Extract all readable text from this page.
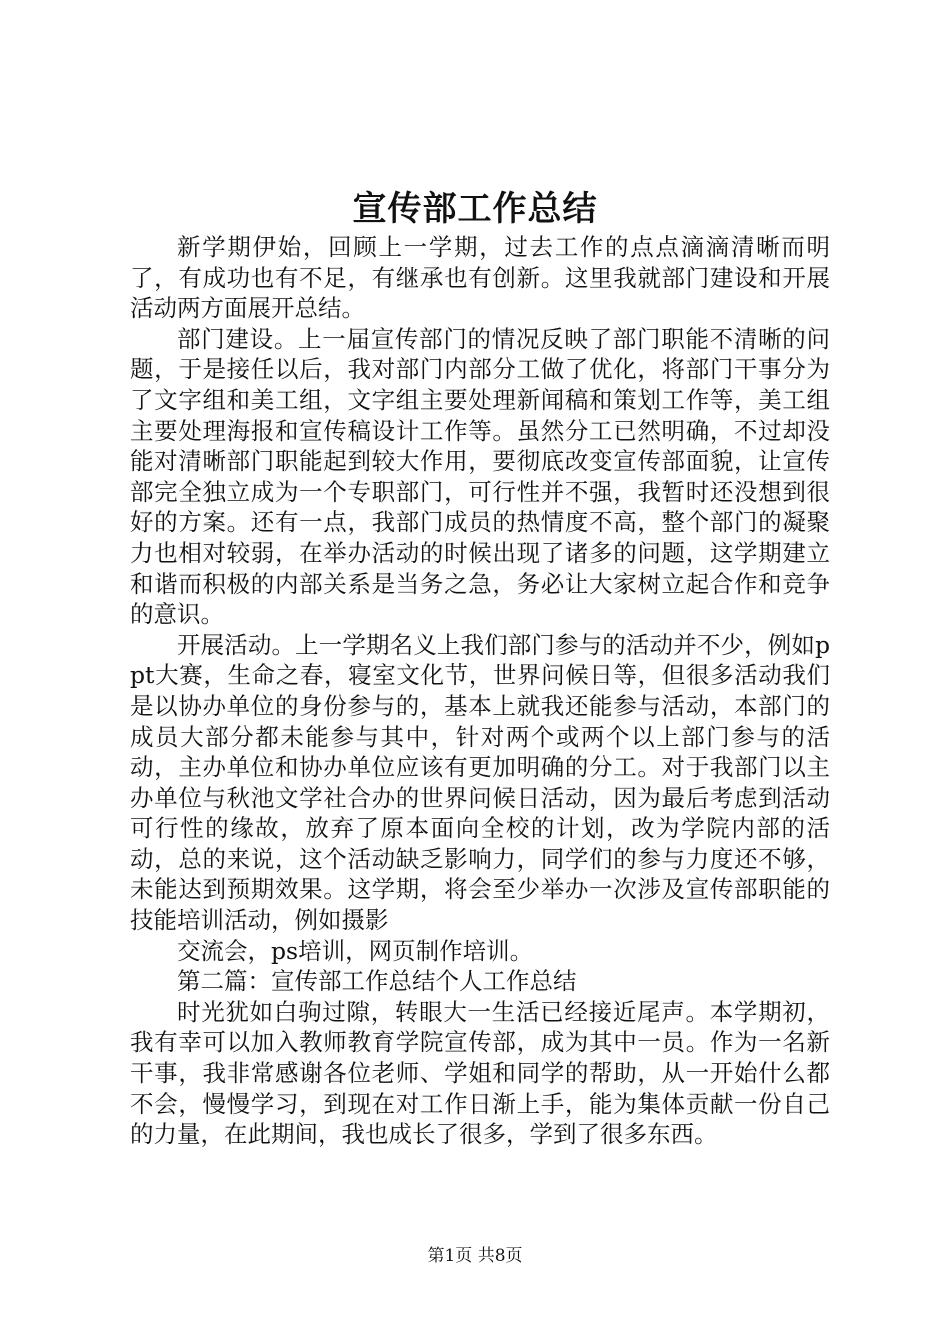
宣传部工作总结

新学期伊始，回顾上一学期，过去工作的点点滴滴清晰而明了，有成功也有不足，有继承也有创新。这里我就部门建设和开展活动两方面展开总结。

部门建设。上一届宣传部门的情况反映了部门职能不清晰的问题，于是接任以后，我对部门内部分工做了优化，将部门干事分为了文字组和美工组，文字组主要处理新闻稿和策划工作等，美工组主要处理海报和宣传稿设计工作等。虽然分工已然明确，不过却没能对清晰部门职能起到较大作用，要彻底改变宣传部面貌，让宣传部完全独立成为一个专职部门，可行性并不强，我暂时还没想到很好的方案。还有一点，我部门成员的热情度不高，整个部门的凝聚力也相对较弱，在举办活动的时候出现了诸多的问题，这学期建立和谐而积极的内部关系是当务之急，务必让大家树立起合作和竞争的意识。

开展活动。上一学期名义上我们部门参与的活动并不少，例如ppt大赛，生命之春，寝室文化节，世界问候日等，但很多活动我们是以协办单位的身份参与的，基本上就我还能参与活动，本部门的成员大部分都未能参与其中，针对两个或两个以上部门参与的活动，主办单位和协办单位应该有更加明确的分工。对于我部门以主办单位与秋池文学社合办的世界问候日活动，因为最后考虑到活动可行性的缘故，放弃了原本面向全校的计划，改为学院内部的活动，总的来说，这个活动缺乏影响力，同学们的参与力度还不够，未能达到预期效果。这学期，将会至少举办一次涉及宣传部职能的技能培训活动，例如摄影

交流会，ps培训，网页制作培训。

第二篇：宣传部工作总结个人工作总结

时光犹如白驹过隙，转眼大一生活已经接近尾声。本学期初，我有幸可以加入教师教育学院宣传部，成为其中一员。作为一名新干事，我非常感谢各位老师、学姐和同学的帮助，从一开始什么都不会，慢慢学习，到现在对工作日渐上手，能为集体贡献一份自己的力量，在此期间，我也成长了很多，学到了很多东西。

第1页 共8页
